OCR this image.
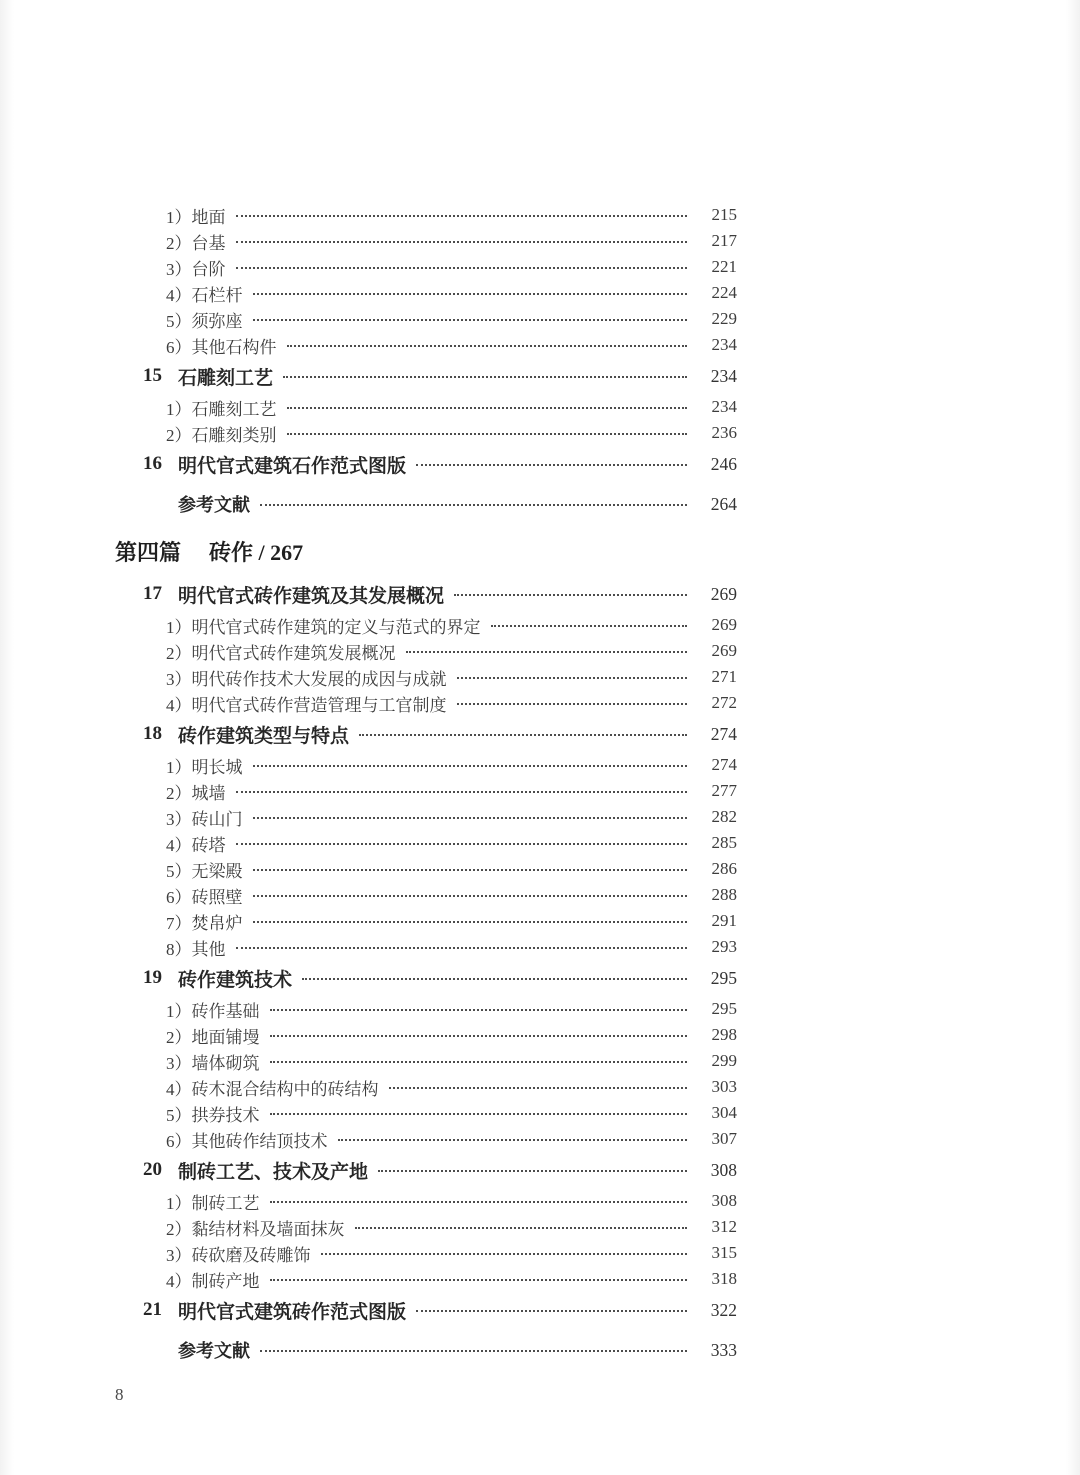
1）地面	215
2）台基	217
3）台阶	221
4）石栏杆	224
5）须弥座	229
6）其他石构件	234
15 石雕刻工艺	234
1）石雕刻工艺	234
2）石雕刻类别	236
16 明代官式建筑石作范式图版	246
参考文献	264
第四篇 砖作 / 267
17 明代官式砖作建筑及其发展概况	269
1）明代官式砖作建筑的定义与范式的界定	269
2）明代官式砖作建筑发展概况	269
3）明代砖作技术大发展的成因与成就	271
4）明代官式砖作营造管理与工官制度	272
18 砖作建筑类型与特点	274
1）明长城	274
2）城墙	277
3）砖山门	282
4）砖塔	285
5）无梁殿	286
6）砖照壁	288
7）焚帛炉	291
8）其他	293
19 砖作建筑技术	295
1）砖作基础	295
2）地面铺墁	298
3）墙体砌筑	299
4）砖木混合结构中的砖结构	303
5）拱券技术	304
6）其他砖作结顶技术	307
20 制砖工艺、技术及产地	308
1）制砖工艺	308
2）黏结材料及墙面抹灰	312
3）砖砍磨及砖雕饰	315
4）制砖产地	318
21 明代官式建筑砖作范式图版	322
参考文献	333
8
